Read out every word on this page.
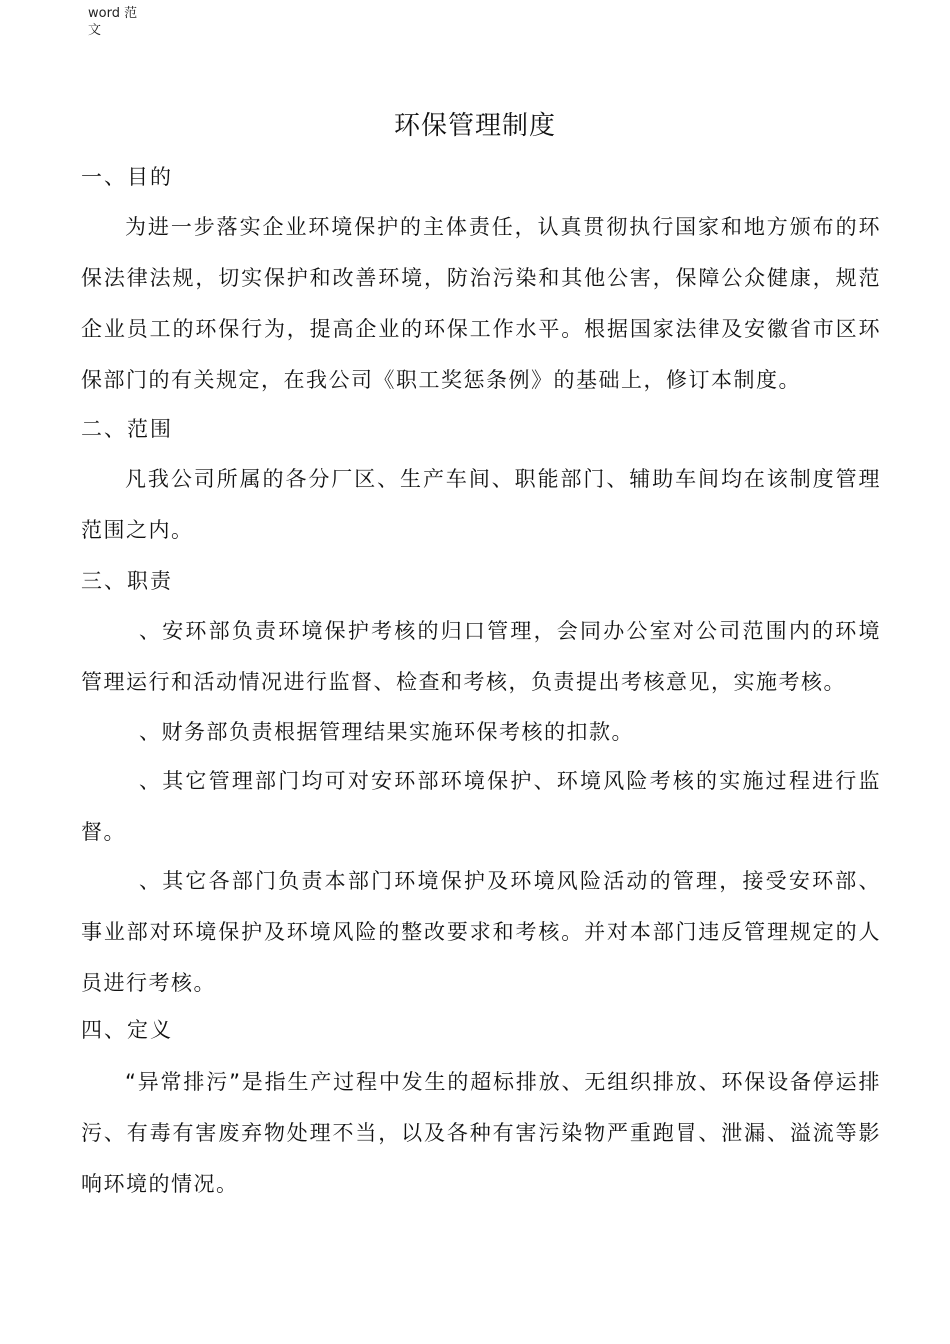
word 范文
环保管理制度
一、目的

为进一步落实企业环境保护的主体责任，认真贯彻执行国家和地方颁布的环保法律法规，切实保护和改善环境，防治污染和其他公害，保障公众健康，规范企业员工的环保行为，提高企业的环保工作水平。根据国家法律及安徽省市区环保部门的有关规定，在我公司《职工奖惩条例》的基础上，修订本制度。

二、范围

凡我公司所属的各分厂区、生产车间、职能部门、辅助车间均在该制度管理范围之内。

三、职责

、安环部负责环境保护考核的归口管理，会同办公室对公司范围内的环境管理运行和活动情况进行监督、检查和考核，负责提出考核意见，实施考核。

、财务部负责根据管理结果实施环保考核的扣款。

、其它管理部门均可对安环部环境保护、环境风险考核的实施过程进行监督。

、其它各部门负责本部门环境保护及环境风险活动的管理，接受安环部、事业部对环境保护及环境风险的整改要求和考核。并对本部门违反管理规定的人员进行考核。

四、定义

“异常排污”是指生产过程中发生的超标排放、无组织排放、环保设备停运排污、有毒有害废弃物处理不当，以及各种有害污染物严重跑冒、泄漏、溢流等影响环境的情况。
